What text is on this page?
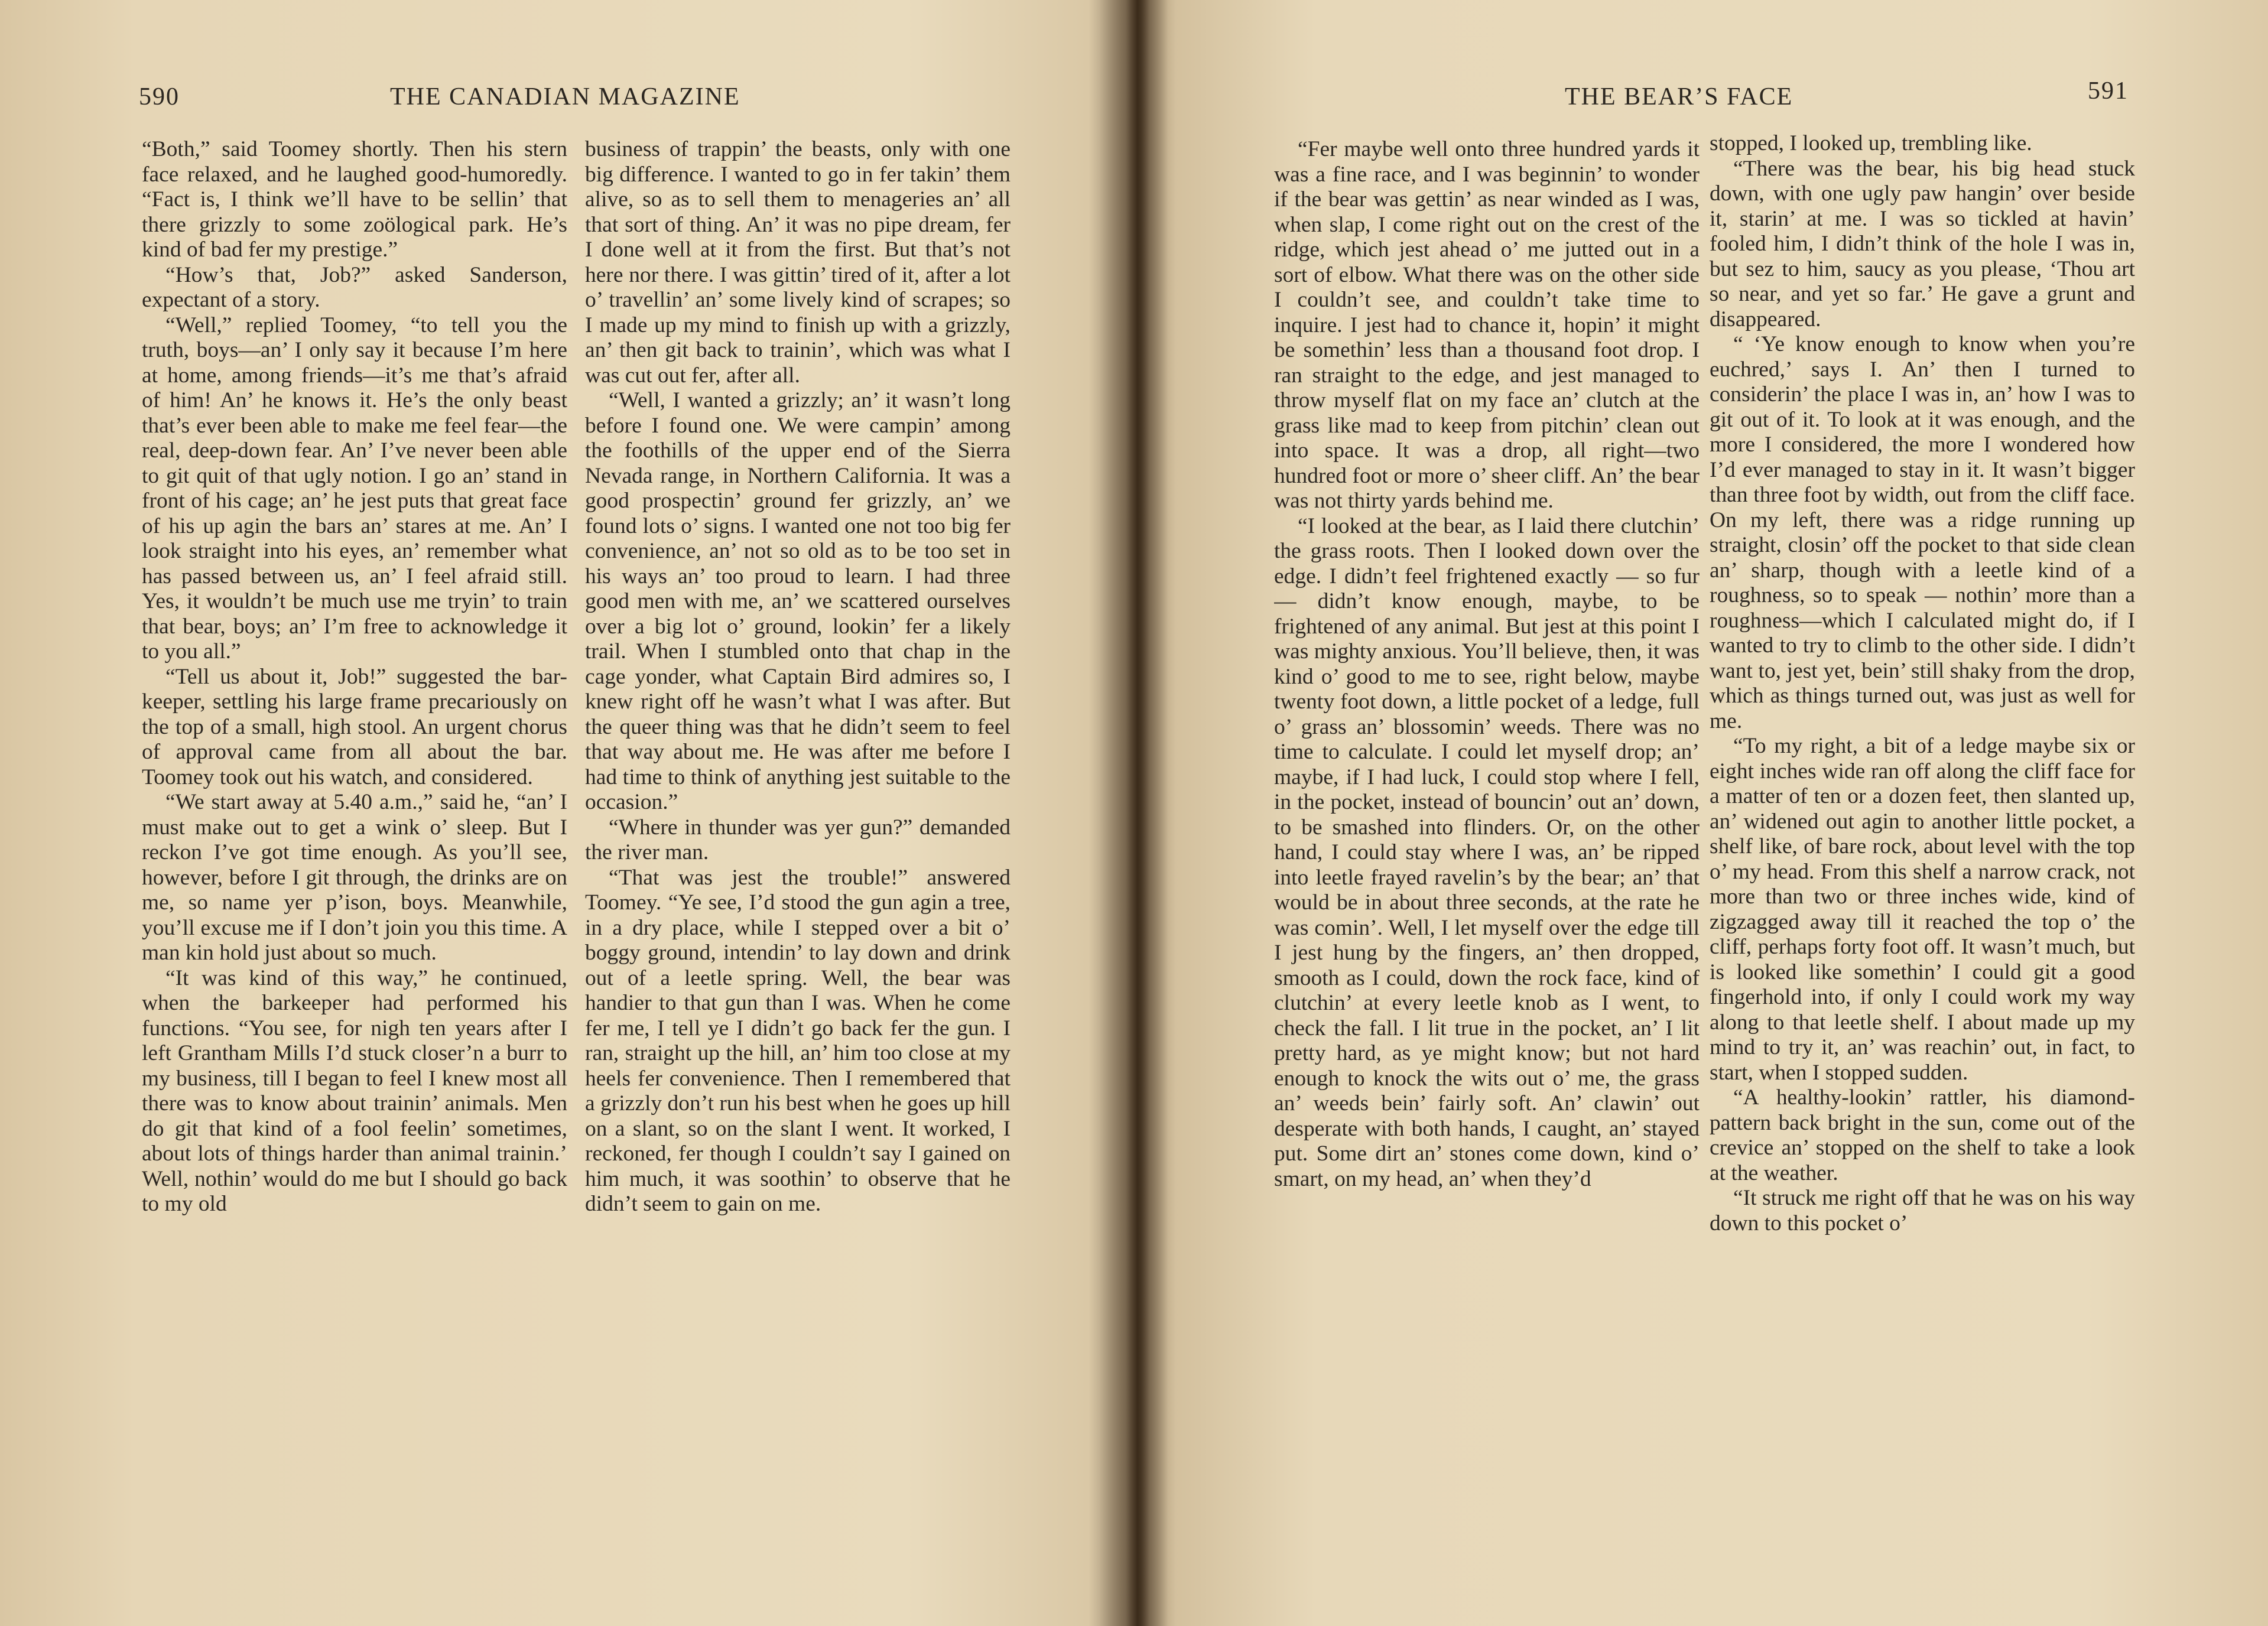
590	THE CANADIAN MAGAZINE

“Both,” said Toomey shortly. Then his stern face relaxed, and he laughed good-humoredly. “Fact is, I think we’ll have to be sellin’ that there grizzly to some zoölogical park. He’s kind of bad fer my prestige.”

“How’s that, Job?” asked Sanderson, expectant of a story.

“Well,” replied Toomey, “to tell you the truth, boys—an’ I only say it because I’m here at home, among friends—it’s me that’s afraid of him! An’ he knows it. He’s the only beast that’s ever been able to make me feel fear—the real, deep-down fear. An’ I’ve never been able to git quit of that ugly notion. I go an’ stand in front of his cage; an’ he jest puts that great face of his up agin the bars an’ stares at me. An’ I look straight into his eyes, an’ remember what has passed between us, an’ I feel afraid still. Yes, it wouldn’t be much use me tryin’ to train that bear, boys; an’ I’m free to acknowledge it to you all.”

“Tell us about it, Job!” suggested the bar-keeper, settling his large frame precariously on the top of a small, high stool. An urgent chorus of approval came from all about the bar. Toomey took out his watch, and considered.

“We start away at 5.40 a.m.,” said he, “an’ I must make out to get a wink o’ sleep. But I reckon I’ve got time enough. As you’ll see, however, before I git through, the drinks are on me, so name yer p’ison, boys. Meanwhile, you’ll excuse me if I don’t join you this time. A man kin hold just about so much.

“It was kind of this way,” he continued, when the barkeeper had performed his functions. “You see, for nigh ten years after I left Grantham Mills I’d stuck closer’n a burr to my business, till I began to feel I knew most all there was to know about trainin’ animals. Men do git that kind of a fool feelin’ sometimes, about lots of things harder than animal trainin.’ Well, nothin’ would do me but I should go back to my old

business of trappin’ the beasts, only with one big difference. I wanted to go in fer takin’ them alive, so as to sell them to menageries an’ all that sort of thing. An’ it was no pipe dream, fer I done well at it from the first. But that’s not here nor there. I was gittin’ tired of it, after a lot o’ travellin’ an’ some lively kind of scrapes; so I made up my mind to finish up with a grizzly, an’ then git back to trainin’, which was what I was cut out fer, after all.

“Well, I wanted a grizzly; an’ it wasn’t long before I found one. We were campin’ among the foothills of the upper end of the Sierra Nevada range, in Northern California. It was a good prospectin’ ground fer grizzly, an’ we found lots o’ signs. I wanted one not too big fer convenience, an’ not so old as to be too set in his ways an’ too proud to learn. I had three good men with me, an’ we scattered ourselves over a big lot o’ ground, lookin’ fer a likely trail. When I stumbled onto that chap in the cage yonder, what Captain Bird admires so, I knew right off he wasn’t what I was after. But the queer thing was that he didn’t seem to feel that way about me. He was after me before I had time to think of anything jest suitable to the occasion.”

“Where in thunder was yer gun?” demanded the river man.

“That was jest the trouble!” answered Toomey. “Ye see, I’d stood the gun agin a tree, in a dry place, while I stepped over a bit o’ boggy ground, intendin’ to lay down and drink out of a leetle spring. Well, the bear was handier to that gun than I was. When he come fer me, I tell ye I didn’t go back fer the gun. I ran, straight up the hill, an’ him too close at my heels fer convenience. Then I remembered that a grizzly don’t run his best when he goes up hill on a slant, so on the slant I went. It worked, I reckoned, fer though I couldn’t say I gained on him much, it was soothin’ to observe that he didn’t seem to gain on me.

THE BEAR’S FACE	591

“Fer maybe well onto three hundred yards it was a fine race, and I was beginnin’ to wonder if the bear was gettin’ as near winded as I was, when slap, I come right out on the crest of the ridge, which jest ahead o’ me jutted out in a sort of elbow. What there was on the other side I couldn’t see, and couldn’t take time to inquire. I jest had to chance it, hopin’ it might be somethin’ less than a thousand foot drop. I ran straight to the edge, and jest managed to throw myself flat on my face an’ clutch at the grass like mad to keep from pitchin’ clean out into space. It was a drop, all right—two hundred foot or more o’ sheer cliff. An’ the bear was not thirty yards behind me.

“I looked at the bear, as I laid there clutchin’ the grass roots. Then I looked down over the edge. I didn’t feel frightened exactly — so fur — didn’t know enough, maybe, to be frightened of any animal. But jest at this point I was mighty anxious. You’ll believe, then, it was kind o’ good to me to see, right below, maybe twenty foot down, a little pocket of a ledge, full o’ grass an’ blossomin’ weeds. There was no time to calculate. I could let myself drop; an’ maybe, if I had luck, I could stop where I fell, in the pocket, instead of bouncin’ out an’ down, to be smashed into flinders. Or, on the other hand, I could stay where I was, an’ be ripped into leetle frayed ravelin’s by the bear; an’ that would be in about three seconds, at the rate he was comin’. Well, I let myself over the edge till I jest hung by the fingers, an’ then dropped, smooth as I could, down the rock face, kind of clutchin’ at every leetle knob as I went, to check the fall. I lit true in the pocket, an’ I lit pretty hard, as ye might know; but not hard enough to knock the wits out o’ me, the grass an’ weeds bein’ fairly soft. An’ clawin’ out desperate with both hands, I caught, an’ stayed put. Some dirt an’ stones come down, kind o’ smart, on my head, an’ when they’d

stopped, I looked up, trembling like.

“There was the bear, his big head stuck down, with one ugly paw hangin’ over beside it, starin’ at me. I was so tickled at havin’ fooled him, I didn’t think of the hole I was in, but sez to him, saucy as you please, ‘Thou art so near, and yet so far.’ He gave a grunt and disappeared.

“ ‘Ye know enough to know when you’re euchred,’ says I. An’ then I turned to considerin’ the place I was in, an’ how I was to git out of it. To look at it was enough, and the more I considered, the more I wondered how I’d ever managed to stay in it. It wasn’t bigger than three foot by width, out from the cliff face. On my left, there was a ridge running up straight, closin’ off the pocket to that side clean an’ sharp, though with a leetle kind of a roughness, so to speak — nothin’ more than a roughness—which I calculated might do, if I wanted to try to climb to the other side. I didn’t want to, jest yet, bein’ still shaky from the drop, which as things turned out, was just as well for me.

“To my right, a bit of a ledge maybe six or eight inches wide ran off along the cliff face for a matter of ten or a dozen feet, then slanted up, an’ widened out agin to another little pocket, a shelf like, of bare rock, about level with the top o’ my head. From this shelf a narrow crack, not more than two or three inches wide, kind of zigzagged away till it reached the top o’ the cliff, perhaps forty foot off. It wasn’t much, but is looked like somethin’ I could git a good fingerhold into, if only I could work my way along to that leetle shelf. I about made up my mind to try it, an’ was reachin’ out, in fact, to start, when I stopped sudden.

“A healthy-lookin’ rattler, his diamond-pattern back bright in the sun, come out of the crevice an’ stopped on the shelf to take a look at the weather.

“It struck me right off that he was on his way down to this pocket o’
